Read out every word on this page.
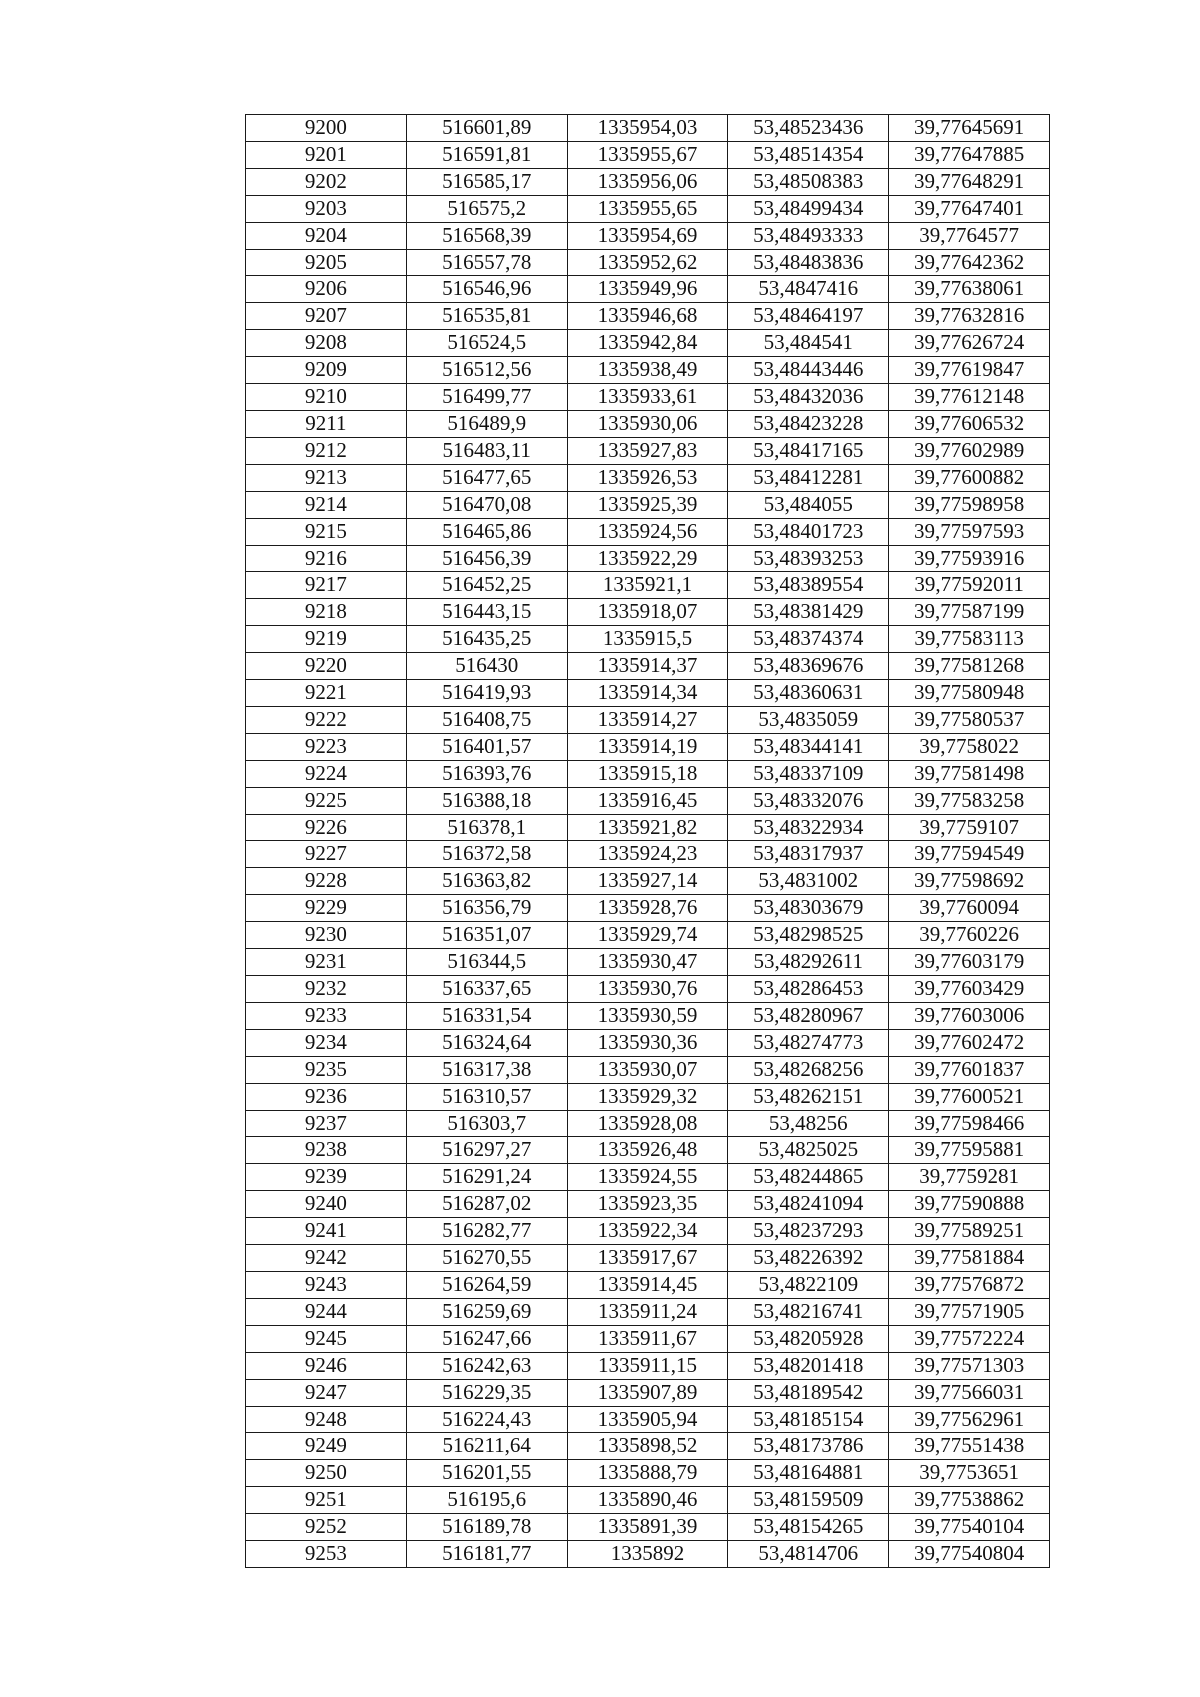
9200	516601,89	1335954,03	53,48523436	39,77645691
9201	516591,81	1335955,67	53,48514354	39,77647885
9202	516585,17	1335956,06	53,48508383	39,77648291
9203	516575,2	1335955,65	53,48499434	39,77647401
9204	516568,39	1335954,69	53,48493333	39,7764577
9205	516557,78	1335952,62	53,48483836	39,77642362
9206	516546,96	1335949,96	53,4847416	39,77638061
9207	516535,81	1335946,68	53,48464197	39,77632816
9208	516524,5	1335942,84	53,484541	39,77626724
9209	516512,56	1335938,49	53,48443446	39,77619847
9210	516499,77	1335933,61	53,48432036	39,77612148
9211	516489,9	1335930,06	53,48423228	39,77606532
9212	516483,11	1335927,83	53,48417165	39,77602989
9213	516477,65	1335926,53	53,48412281	39,77600882
9214	516470,08	1335925,39	53,484055	39,77598958
9215	516465,86	1335924,56	53,48401723	39,77597593
9216	516456,39	1335922,29	53,48393253	39,77593916
9217	516452,25	1335921,1	53,48389554	39,77592011
9218	516443,15	1335918,07	53,48381429	39,77587199
9219	516435,25	1335915,5	53,48374374	39,77583113
9220	516430	1335914,37	53,48369676	39,77581268
9221	516419,93	1335914,34	53,48360631	39,77580948
9222	516408,75	1335914,27	53,4835059	39,77580537
9223	516401,57	1335914,19	53,48344141	39,7758022
9224	516393,76	1335915,18	53,48337109	39,77581498
9225	516388,18	1335916,45	53,48332076	39,77583258
9226	516378,1	1335921,82	53,48322934	39,7759107
9227	516372,58	1335924,23	53,48317937	39,77594549
9228	516363,82	1335927,14	53,4831002	39,77598692
9229	516356,79	1335928,76	53,48303679	39,7760094
9230	516351,07	1335929,74	53,48298525	39,7760226
9231	516344,5	1335930,47	53,48292611	39,77603179
9232	516337,65	1335930,76	53,48286453	39,77603429
9233	516331,54	1335930,59	53,48280967	39,77603006
9234	516324,64	1335930,36	53,48274773	39,77602472
9235	516317,38	1335930,07	53,48268256	39,77601837
9236	516310,57	1335929,32	53,48262151	39,77600521
9237	516303,7	1335928,08	53,48256	39,77598466
9238	516297,27	1335926,48	53,4825025	39,77595881
9239	516291,24	1335924,55	53,48244865	39,7759281
9240	516287,02	1335923,35	53,48241094	39,77590888
9241	516282,77	1335922,34	53,48237293	39,77589251
9242	516270,55	1335917,67	53,48226392	39,77581884
9243	516264,59	1335914,45	53,4822109	39,77576872
9244	516259,69	1335911,24	53,48216741	39,77571905
9245	516247,66	1335911,67	53,48205928	39,77572224
9246	516242,63	1335911,15	53,48201418	39,77571303
9247	516229,35	1335907,89	53,48189542	39,77566031
9248	516224,43	1335905,94	53,48185154	39,77562961
9249	516211,64	1335898,52	53,48173786	39,77551438
9250	516201,55	1335888,79	53,48164881	39,7753651
9251	516195,6	1335890,46	53,48159509	39,77538862
9252	516189,78	1335891,39	53,48154265	39,77540104
9253	516181,77	1335892	53,4814706	39,77540804
